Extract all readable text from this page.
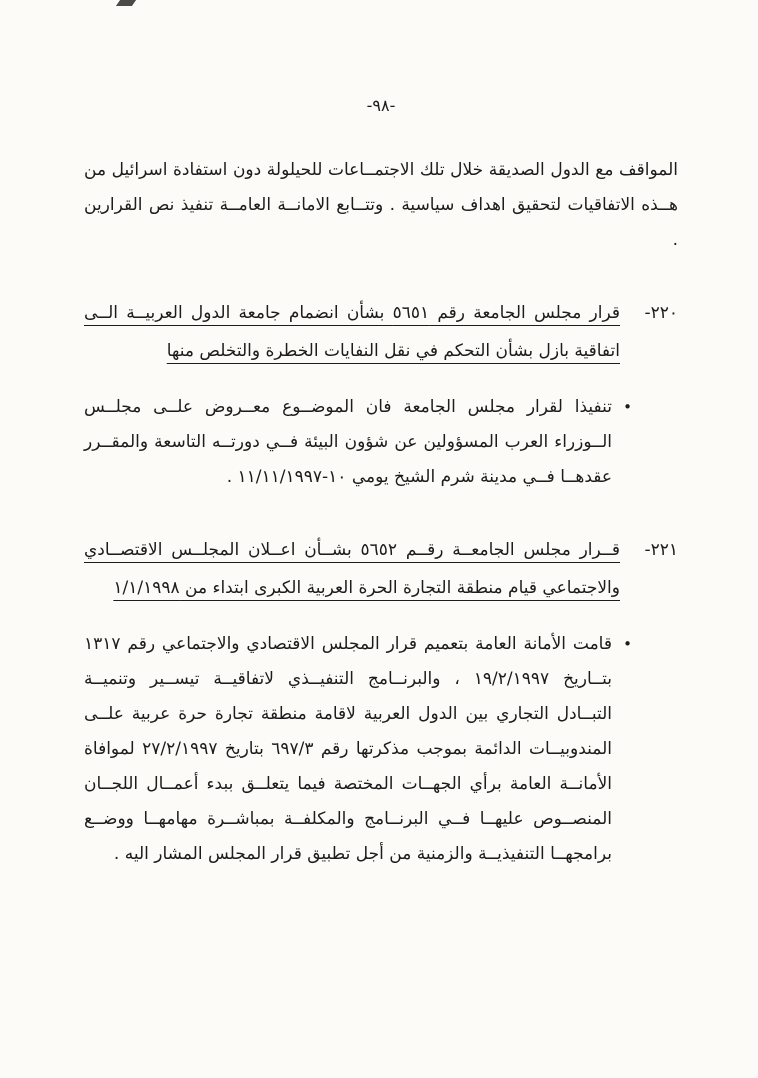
-٩٨-

المواقف مع الدول الصديقة خلال تلك الاجتمــاعات للحيلولة دون استفادة اسرائيل من هــذه الاتفاقيات لتحقيق اهداف سياسية . وتتــابع الامانــة العامــة تنفيذ نص القرارين .

٢٢٠-
قرار مجلس الجامعة رقم ٥٦٥١ بشأن انضمام جامعة الدول العربيــة الــى اتفاقية بازل بشأن التحكم في نقل النفايات الخطرة والتخلص منها

•
تنفيذا لقرار مجلس الجامعة فان الموضــوع معــروض علــى مجلــس الــوزراء العرب المسؤولين عن شؤون البيئة فــي دورتــه التاسعة والمقــرر عقدهــا فــي مدينة شرم الشيخ يومي ١٠-١١/١١/١٩٩٧ .

٢٢١-
قــرار مجلس الجامعــة رقــم ٥٦٥٢ بشــأن اعــلان المجلــس الاقتصــادي والاجتماعي قيام منطقة التجارة الحرة العربية الكبرى ابتداء من ١/١/١٩٩٨

•
قامت الأمانة العامة بتعميم قرار المجلس الاقتصادي والاجتماعي رقم ١٣١٧ بتــاريخ ١٩/٢/١٩٩٧ ، والبرنــامج التنفيــذي لاتفاقيــة تيســير وتنميــة التبــادل التجاري بين الدول العربية لاقامة منطقة تجارة حرة عربية علــى المندوبيــات الدائمة بموجب مذكرتها رقم ٦٩٧/٣ بتاريخ ٢٧/٢/١٩٩٧ لموافاة الأمانــة العامة برأي الجهــات المختصة فيما يتعلــق ببدء أعمــال اللجــان المنصــوص عليهــا فــي البرنــامج والمكلفــة بمباشــرة مهامهــا ووضــع برامجهــا التنفيذيــة والزمنية من أجل تطبيق قرار المجلس المشار اليه .
